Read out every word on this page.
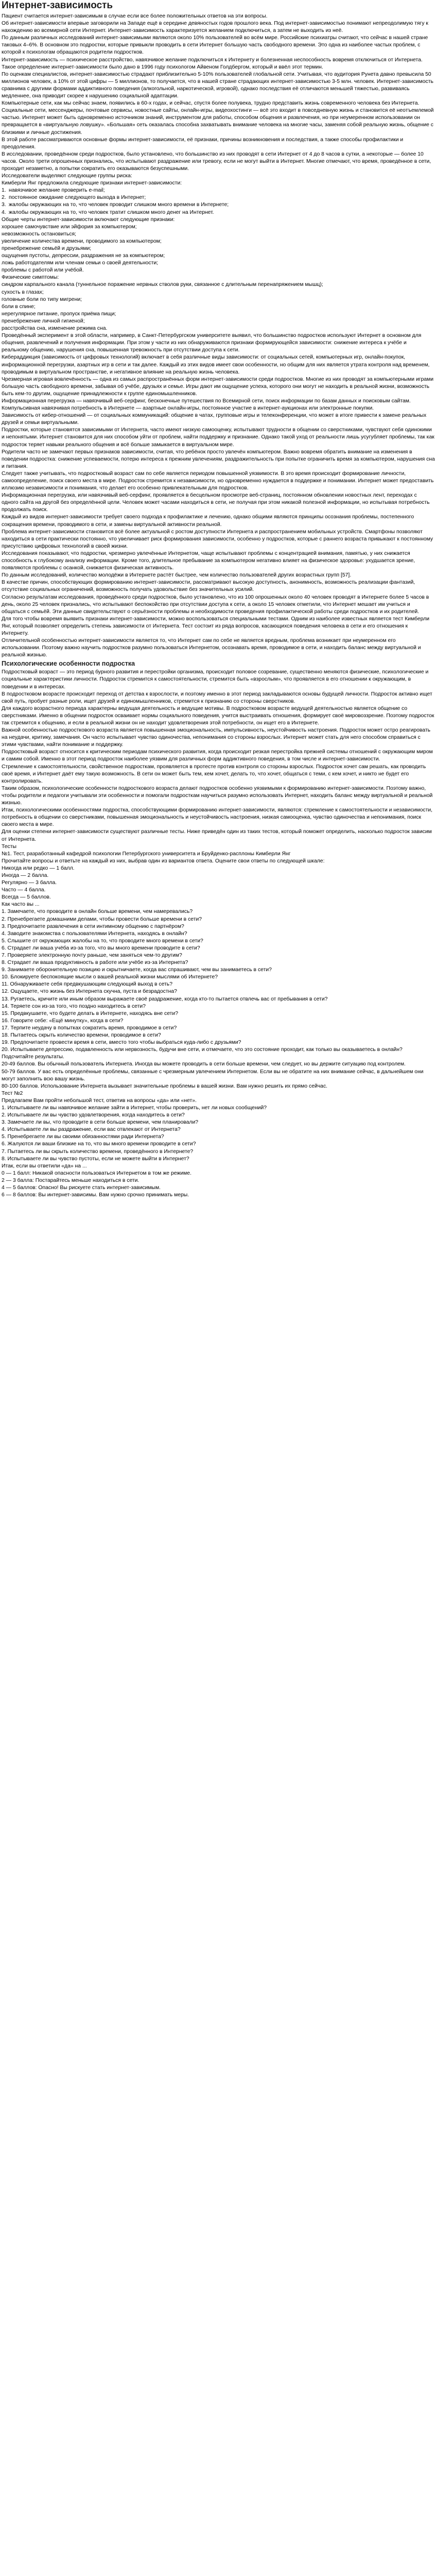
Интернет-зависимость

Пациент считается интернет-зависимым в случае если все более положительных ответов на эти вопросы.

Об интернет-зависимости впервые заговорили на Западе ещё в середине девяностых годов прошлого века. Под интернет-зависимостью понимают непреодолимую тягу к нахождению во всемирной сети Интернет. Интернет-зависимость характеризуется желанием подключиться, а затем не выходить из неё.

По данным различных исследований интернет-зависимыми являются около 10% пользователей во всём мире. Российские психиатры считают, что сейчас в нашей стране таковых 4–6%. В основном это подростки, которые привыкли проводить в сети Интернет большую часть свободного времени. Это одна из наиболее частых проблем, с которой к психологам обращаются родители подростков.

Интернет-зависимость — психическое расстройство, навязчивое желание подключиться к Интернету и болезненная неспособность вовремя отключиться от Интернета. Такое определение интернет-зависимости было дано в 1996 году психологом Айвеном Голдбергом, который и ввёл этот термин.

По оценкам специалистов, интернет-зависимостью страдают приблизительно 5-10% пользователей глобальной сети. Учитывая, что аудитория Рунета давно превысила 50 миллионов человек, а 10% от этой цифры — 5 миллионов, то получается, что в нашей стране страдающих интернет-зависимостью 3-5 млн. человек. Интернет-зависимость сравнима с другими формами аддиктивного поведения (алкогольной, наркотической, игровой), однако последствия её отличаются меньшей тяжестью, развиваясь медленнее, она приводит скорее к нарушению социальной адаптации.

Компьютерные сети, как мы сейчас знаем, появились в 60-х годах, и сейчас, спустя более полувека, трудно представить жизнь современного человека без Интернета. Социальные сети, мессенджеры, почтовые сервисы, новостные сайты, онлайн-игры, видеохостинги — всё это входит в повседневную жизнь и становится её неотъемлемой частью. Интернет может быть одновременно источником знаний, инструментом для работы, способом общения и развлечения, но при неумеренном использовании он превращается в «виртуальную ловушку». «Большая» сеть оказалась способна захватывать внимание человека на многие часы, заменяя собой реальную жизнь, общение с близкими и личные достижения.

В этой работе рассматриваются основные формы интернет-зависимости, её признаки, причины возникновения и последствия, а также способы профилактики и преодоления.

В исследовании, проведённом среди подростков, было установлено, что большинство из них проводят в сети Интернет от 4 до 8 часов в сутки, а некоторые — более 10 часов. Около трети опрошенных признались, что испытывают раздражение или тревогу, если не могут выйти в Интернет. Многие отмечают, что время, проведённое в сети, проходит незаметно, а попытки сократить его оказываются безуспешными.

Исследователи выделяют следующие группы риска:

Кимберли Янг предложила следующие признаки интернет-зависимости:

1. навязчивое желание проверить e-mail;
2. постоянное ожидание следующего выхода в Интернет;
3. жалобы окружающих на то, что человек проводит слишком много времени в Интернете;
4. жалобы окружающих на то, что человек тратит слишком много денег на Интернет.

Общие черты интернет-зависимости включают следующие признаки:

хорошее самочувствие или эйфория за компьютером;

невозможность остановиться;

увеличение количества времени, проводимого за компьютером;

пренебрежение семьёй и друзьями;

ощущения пустоты, депрессии, раздражения не за компьютером;

ложь работодателям или членам семьи о своей деятельности;

проблемы с работой или учёбой.

Физические симптомы:

синдром карпального канала (туннельное поражение нервных стволов руки, связанное с длительным перенапряжением мышц);

сухость в глазах;

головные боли по типу мигрени;

боли в спине;

нерегулярное питание, пропуск приёма пищи;

пренебрежение личной гигиеной;

расстройства сна, изменение режима сна.

Проведённый эксперимент в этой области, например, в Санкт-Петербургском университете выявил, что большинство подростков используют Интернет в основном для общения, развлечений и получения информации. При этом у части из них обнаруживаются признаки формирующейся зависимости: снижение интереса к учёбе и реальному общению, нарушения сна, повышенная тревожность при отсутствии доступа к сети.

Кибераддикция (зависимость от цифровых технологий) включает в себя различные виды зависимости: от социальных сетей, компьютерных игр, онлайн-покупок, информационной перегрузки, азартных игр в сети и так далее. Каждый из этих видов имеет свои особенности, но общим для них является утрата контроля над временем, проводимым в виртуальном пространстве, и негативное влияние на реальную жизнь человека.

Чрезмерная игровая вовлечённость — одна из самых распространённых форм интернет-зависимости среди подростков. Многие из них проводят за компьютерными играми большую часть свободного времени, забывая об учёбе, друзьях и семье. Игры дают им ощущение успеха, которого они могут не находить в реальной жизни, возможность быть кем-то другим, ощущение принадлежности к группе единомышленников.

Информационная перегрузка — навязчивый веб-серфинг, бесконечные путешествия по Всемирной сети, поиск информации по базам данных и поисковым сайтам.

Компульсивная навязчивая потребность в Интернете — азартные онлайн-игры, постоянное участие в интернет-аукционах или электронные покупки.

Зависимость от кибер-отношений — от социальных коммуникаций: общение в чатах, групповые игры и телеконференции, что может в итоге привести к замене реальных друзей и семьи виртуальными.

Подростки, которые становятся зависимыми от Интернета, часто имеют низкую самооценку, испытывают трудности в общении со сверстниками, чувствуют себя одинокими и непонятыми. Интернет становится для них способом уйти от проблем, найти поддержку и признание. Однако такой уход от реальности лишь усугубляет проблемы, так как подросток теряет навыки реального общения и всё больше замыкается в виртуальном мире.

Родители часто не замечают первых признаков зависимости, считая, что ребёнок просто увлечён компьютером. Важно вовремя обратить внимание на изменения в поведении подростка: снижение успеваемости, потерю интереса к прежним увлечениям, раздражительность при попытке ограничить время за компьютером, нарушения сна и питания.

Следует также учитывать, что подростковый возраст сам по себе является периодом повышенной уязвимости. В это время происходит формирование личности, самоопределение, поиск своего места в мире. Подросток стремится к независимости, но одновременно нуждается в поддержке и понимании. Интернет может предоставить иллюзию независимости и понимания, что делает его особенно привлекательным для подростков.

Информационная перегрузка, или навязчивый веб-серфинг, проявляется в бесцельном просмотре веб-страниц, постоянном обновлении новостных лент, переходах с одного сайта на другой без определённой цели. Человек может часами находиться в сети, не получая при этом никакой полезной информации, но испытывая потребность продолжать поиск.

Каждый из видов интернет-зависимости требует своего подхода к профилактике и лечению, однако общими являются принципы осознания проблемы, постепенного сокращения времени, проводимого в сети, и замены виртуальной активности реальной.

Проблема интернет-зависимости становится всё более актуальной с ростом доступности Интернета и распространением мобильных устройств. Смартфоны позволяют находиться в сети практически постоянно, что увеличивает риск формирования зависимости, особенно у подростков, которые с раннего возраста привыкают к постоянному присутствию цифровых технологий в своей жизни.

Исследования показывают, что подростки, чрезмерно увлечённые Интернетом, чаще испытывают проблемы с концентрацией внимания, памятью, у них снижается способность к глубокому анализу информации. Кроме того, длительное пребывание за компьютером негативно влияет на физическое здоровье: ухудшается зрение, появляются проблемы с осанкой, снижается физическая активность.

По данным исследований, количество молодёжи в Интернете растёт быстрее, чем количество пользователей других возрастных групп [57].

В качестве причин, способствующих формированию интернет-зависимости, рассматривают высокую доступность, анонимность, возможность реализации фантазий, отсутствие социальных ограничений, возможность получать удовольствие без значительных усилий.

Согласно результатам исследования, проведённого среди подростков, было установлено, что из 100 опрошенных около 40 человек проводят в Интернете более 5 часов в день, около 25 человек признались, что испытывают беспокойство при отсутствии доступа к сети, а около 15 человек отметили, что Интернет мешает им учиться и общаться с семьёй. Эти данные свидетельствуют о серьёзности проблемы и необходимости проведения профилактической работы среди подростков и их родителей.

Для того чтобы вовремя выявить признаки интернет-зависимости, можно воспользоваться специальными тестами. Одним из наиболее известных является тест Кимберли Янг, который позволяет определить степень зависимости от Интернета. Тест состоит из ряда вопросов, касающихся поведения человека в сети и его отношения к Интернету.

Отличительной особенностью интернет-зависимости является то, что Интернет сам по себе не является вредным, проблема возникает при неумеренном его использовании. Поэтому важно научить подростков разумно пользоваться Интернетом, осознавать время, проводимое в сети, и находить баланс между виртуальной и реальной жизнью.

Психологические особенности подростка

Подростковый возраст — это период бурного развития и перестройки организма, происходит половое созревание, существенно меняются физические, психологические и социальные характеристики личности. Подросток стремится к самостоятельности, стремится быть «взрослым», что проявляется в его отношении к окружающим, в поведении и в интересах.

В подростковом возрасте происходит переход от детства к взрослости, и поэтому именно в этот период закладываются основы будущей личности. Подросток активно ищет свой путь, пробует разные роли, ищет друзей и единомышленников, стремится к признанию со стороны сверстников.

Для каждого возрастного периода характерны ведущая деятельность и ведущие мотивы. В подростковом возрасте ведущей деятельностью является общение со сверстниками. Именно в общении подросток осваивает нормы социального поведения, учится выстраивать отношения, формирует своё мировоззрение. Поэтому подросток так стремится к общению, и если в реальной жизни он не находит удовлетворения этой потребности, он ищет его в Интернете.

Важной особенностью подросткового возраста является повышенная эмоциональность, импульсивность, неустойчивость настроения. Подросток может остро реагировать на неудачи, критику, замечания. Он часто испытывает чувство одиночества, непонимания со стороны взрослых. Интернет может стать для него способом справиться с этими чувствами, найти понимание и поддержку.

Подростковый возраст относится к критическим периодам психического развития, когда происходит резкая перестройка прежней системы отношений с окружающим миром и самим собой. Именно в этот период подросток наиболее уязвим для различных форм аддиктивного поведения, в том числе и интернет-зависимости.

Стремление к самостоятельности, свойственное подросткам, проявляется в протесте против контроля со стороны взрослых. Подросток хочет сам решать, как проводить своё время, и Интернет даёт ему такую возможность. В сети он может быть тем, кем хочет, делать то, что хочет, общаться с теми, с кем хочет, и никто не будет его контролировать.

Таким образом, психологические особенности подросткового возраста делают подростков особенно уязвимыми к формированию интернет-зависимости. Поэтому важно, чтобы родители и педагоги учитывали эти особенности и помогали подросткам научиться разумно использовать Интернет, находить баланс между виртуальной и реальной жизнью.

Итак, психологическими особенностями подростка, способствующими формированию интернет-зависимости, являются: стремление к самостоятельности и независимости, потребность в общении со сверстниками, повышенная эмоциональность и неустойчивость настроения, низкая самооценка, чувство одиночества и непонимания, поиск своего места в мире.

Для оценки степени интернет-зависимости существуют различные тесты. Ниже приведён один из таких тестов, который поможет определить, насколько подросток зависим от Интернета.

Тесты

№1. Тест, разработанный кафедрой психологии Петербургского университета и Бруйденко-расплоны Кимберли Янг

Прочитайте вопросы и ответьте на каждый из них, выбрав один из вариантов ответа. Оцените свои ответы по следующей шкале:

Никогда или редко — 1 балл.

Иногда — 2 балла.

Регулярно — 3 балла.

Часто — 4 балла.

Всегда — 5 баллов.

Как часто вы ...

1. Замечаете, что проводите в онлайн больше времени, чем намеревались?

2. Пренебрегаете домашними делами, чтобы провести больше времени в сети?

3. Предпочитаете развлечения в сети интимному общению с партнёром?

4. Заводите знакомства с пользователями Интернета, находясь в онлайн?

5. Слышите от окружающих жалобы на то, что проводите много времени в сети?

6. Страдает ли ваша учёба из-за того, что вы много времени проводите в сети?

7. Проверяете электронную почту раньше, чем заняться чем-то другим?

8. Страдает ли ваша продуктивность в работе или учёбе из-за Интернета?

9. Занимаете оборонительную позицию и скрытничаете, когда вас спрашивают, чем вы занимаетесь в сети?

10. Блокируете беспокоящие мысли о вашей реальной жизни мыслями об Интернете?

11. Обнаруживаете себя предвкушающим следующий выход в сеть?

12. Ощущаете, что жизнь без Интернета скучна, пуста и безрадостна?

13. Ругаетесь, кричите или иным образом выражаете своё раздражение, когда кто-то пытается отвлечь вас от пребывания в сети?

14. Теряете сон из-за того, что поздно находитесь в сети?

15. Предвкушаете, что будете делать в Интернете, находясь вне сети?

16. Говорите себе: «Ещё минутку», когда в сети?

17. Терпите неудачу в попытках сократить время, проводимое в сети?

18. Пытаетесь скрыть количество времени, проводимое в сети?

19. Предпочитаете провести время в сети, вместо того чтобы выбраться куда-либо с друзьями?

20. Испытываете депрессию, подавленность или нервозность, будучи вне сети, и отмечаете, что это состояние проходит, как только вы оказываетесь в онлайн?

Подсчитайте результаты.

20-49 баллов. Вы обычный пользователь Интернета. Иногда вы можете проводить в сети больше времени, чем следует, но вы держите ситуацию под контролем.

50-79 баллов. У вас есть определённые проблемы, связанные с чрезмерным увлечением Интернетом. Если вы не обратите на них внимание сейчас, в дальнейшем они могут заполнить всю вашу жизнь.

80-100 баллов. Использование Интернета вызывает значительные проблемы в вашей жизни. Вам нужно решить их прямо сейчас.

Тест №2

Предлагаем Вам пройти небольшой тест, ответив на вопросы «да» или «нет».

1. Испытываете ли вы навязчивое желание зайти в Интернет, чтобы проверить, нет ли новых сообщений?

2. Испытываете ли вы чувство удовлетворения, когда находитесь в сети?

3. Замечаете ли вы, что проводите в сети больше времени, чем планировали?

4. Испытываете ли вы раздражение, если вас отвлекают от Интернета?

5. Пренебрегаете ли вы своими обязанностями ради Интернета?

6. Жалуются ли ваши близкие на то, что вы много времени проводите в сети?

7. Пытаетесь ли вы скрыть количество времени, проведённого в Интернете?

8. Испытываете ли вы чувство пустоты, если не можете выйти в Интернет?

Итак, если вы ответили «да» на ...

0 — 1 балл: Никакой опасности пользоваться Интернетом в том же режиме.

2 — 3 балла: Постарайтесь меньше находиться в сети.

4 — 5 баллов: Опасно! Вы рискуете стать интернет-зависимым.

6 — 8 баллов: Вы интернет-зависимы. Вам нужно срочно принимать меры.
